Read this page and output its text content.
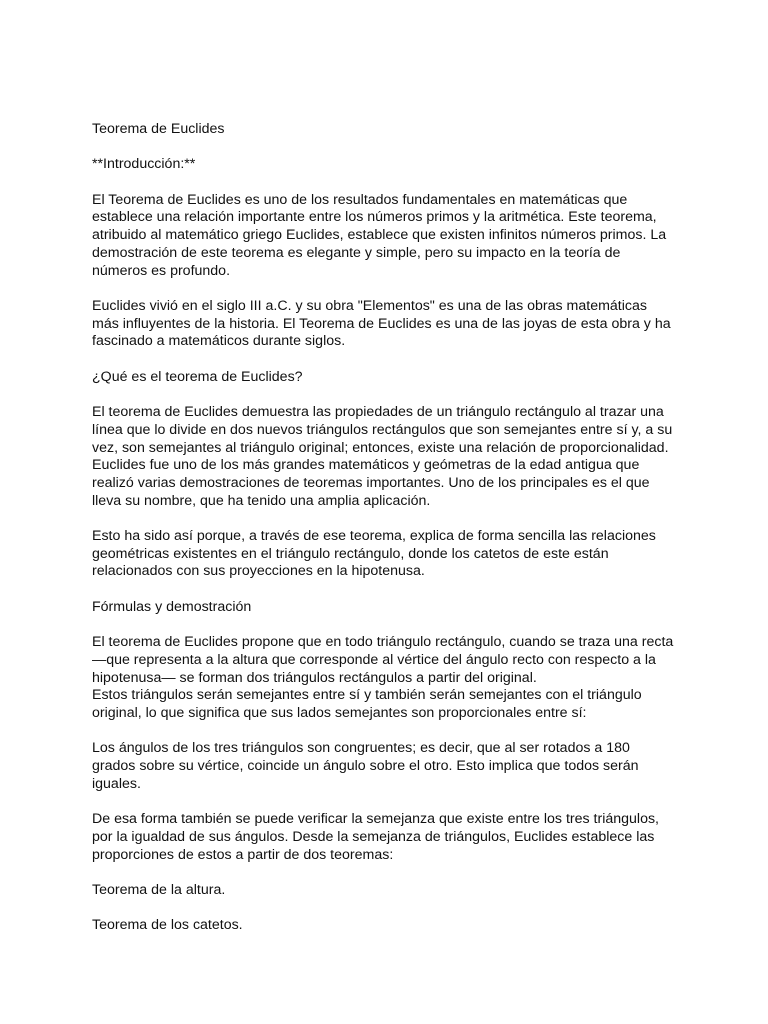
Teorema de Euclides
**Introducción:**
El Teorema de Euclides es uno de los resultados fundamentales en matemáticas que
establece una relación importante entre los números primos y la aritmética. Este teorema,
atribuido al matemático griego Euclides, establece que existen infinitos números primos. La
demostración de este teorema es elegante y simple, pero su impacto en la teoría de
números es profundo.
Euclides vivió en el siglo III a.C. y su obra "Elementos" es una de las obras matemáticas
más influyentes de la historia. El Teorema de Euclides es una de las joyas de esta obra y ha
fascinado a matemáticos durante siglos.
¿Qué es el teorema de Euclides?
El teorema de Euclides demuestra las propiedades de un triángulo rectángulo al trazar una
línea que lo divide en dos nuevos triángulos rectángulos que son semejantes entre sí y, a su
vez, son semejantes al triángulo original; entonces, existe una relación de proporcionalidad.
Euclides fue uno de los más grandes matemáticos y geómetras de la edad antigua que
realizó varias demostraciones de teoremas importantes. Uno de los principales es el que
lleva su nombre, que ha tenido una amplia aplicación.
Esto ha sido así porque, a través de ese teorema, explica de forma sencilla las relaciones
geométricas existentes en el triángulo rectángulo, donde los catetos de este están
relacionados con sus proyecciones en la hipotenusa.
Fórmulas y demostración
El teorema de Euclides propone que en todo triángulo rectángulo, cuando se traza una recta
—que representa a la altura que corresponde al vértice del ángulo recto con respecto a la
hipotenusa— se forman dos triángulos rectángulos a partir del original.
Estos triángulos serán semejantes entre sí y también serán semejantes con el triángulo
original, lo que significa que sus lados semejantes son proporcionales entre sí:
Los ángulos de los tres triángulos son congruentes; es decir, que al ser rotados a 180
grados sobre su vértice, coincide un ángulo sobre el otro. Esto implica que todos serán
iguales.
De esa forma también se puede verificar la semejanza que existe entre los tres triángulos,
por la igualdad de sus ángulos. Desde la semejanza de triángulos, Euclides establece las
proporciones de estos a partir de dos teoremas:
Teorema de la altura.
Teorema de los catetos.
